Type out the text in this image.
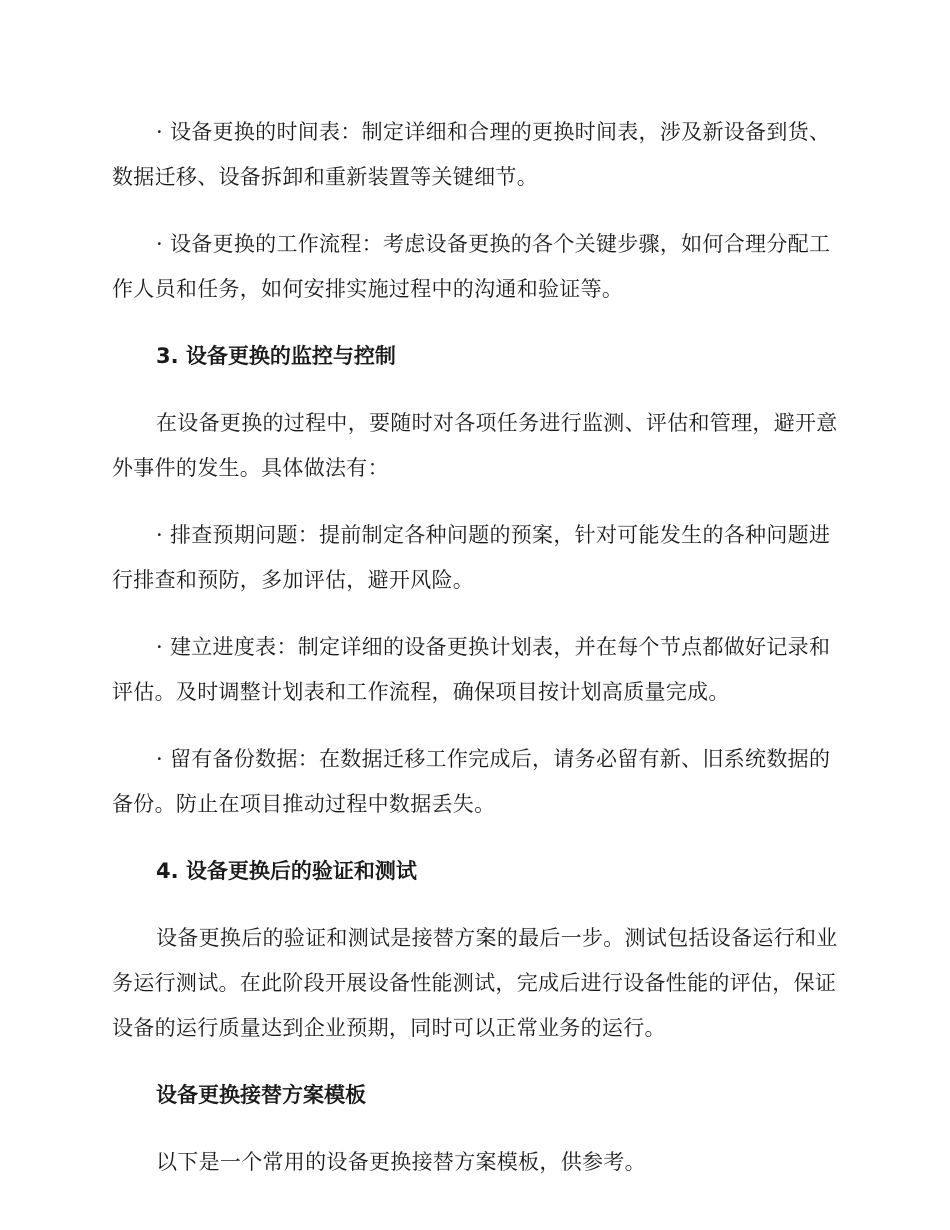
· 设备更换的时间表：制定详细和合理的更换时间表，涉及新设备到货、数据迁移、设备拆卸和重新装置等关键细节。

· 设备更换的工作流程：考虑设备更换的各个关键步骤，如何合理分配工作人员和任务，如何安排实施过程中的沟通和验证等。

3. 设备更换的监控与控制

在设备更换的过程中，要随时对各项任务进行监测、评估和管理，避开意外事件的发生。具体做法有：

· 排查预期问题：提前制定各种问题的预案，针对可能发生的各种问题进行排查和预防，多加评估，避开风险。

· 建立进度表：制定详细的设备更换计划表，并在每个节点都做好记录和评估。及时调整计划表和工作流程，确保项目按计划高质量完成。

· 留有备份数据：在数据迁移工作完成后，请务必留有新、旧系统数据的备份。防止在项目推动过程中数据丢失。

4. 设备更换后的验证和测试

设备更换后的验证和测试是接替方案的最后一步。测试包括设备运行和业务运行测试。在此阶段开展设备性能测试，完成后进行设备性能的评估，保证设备的运行质量达到企业预期，同时可以正常业务的运行。

设备更换接替方案模板

以下是一个常用的设备更换接替方案模板，供参考。
